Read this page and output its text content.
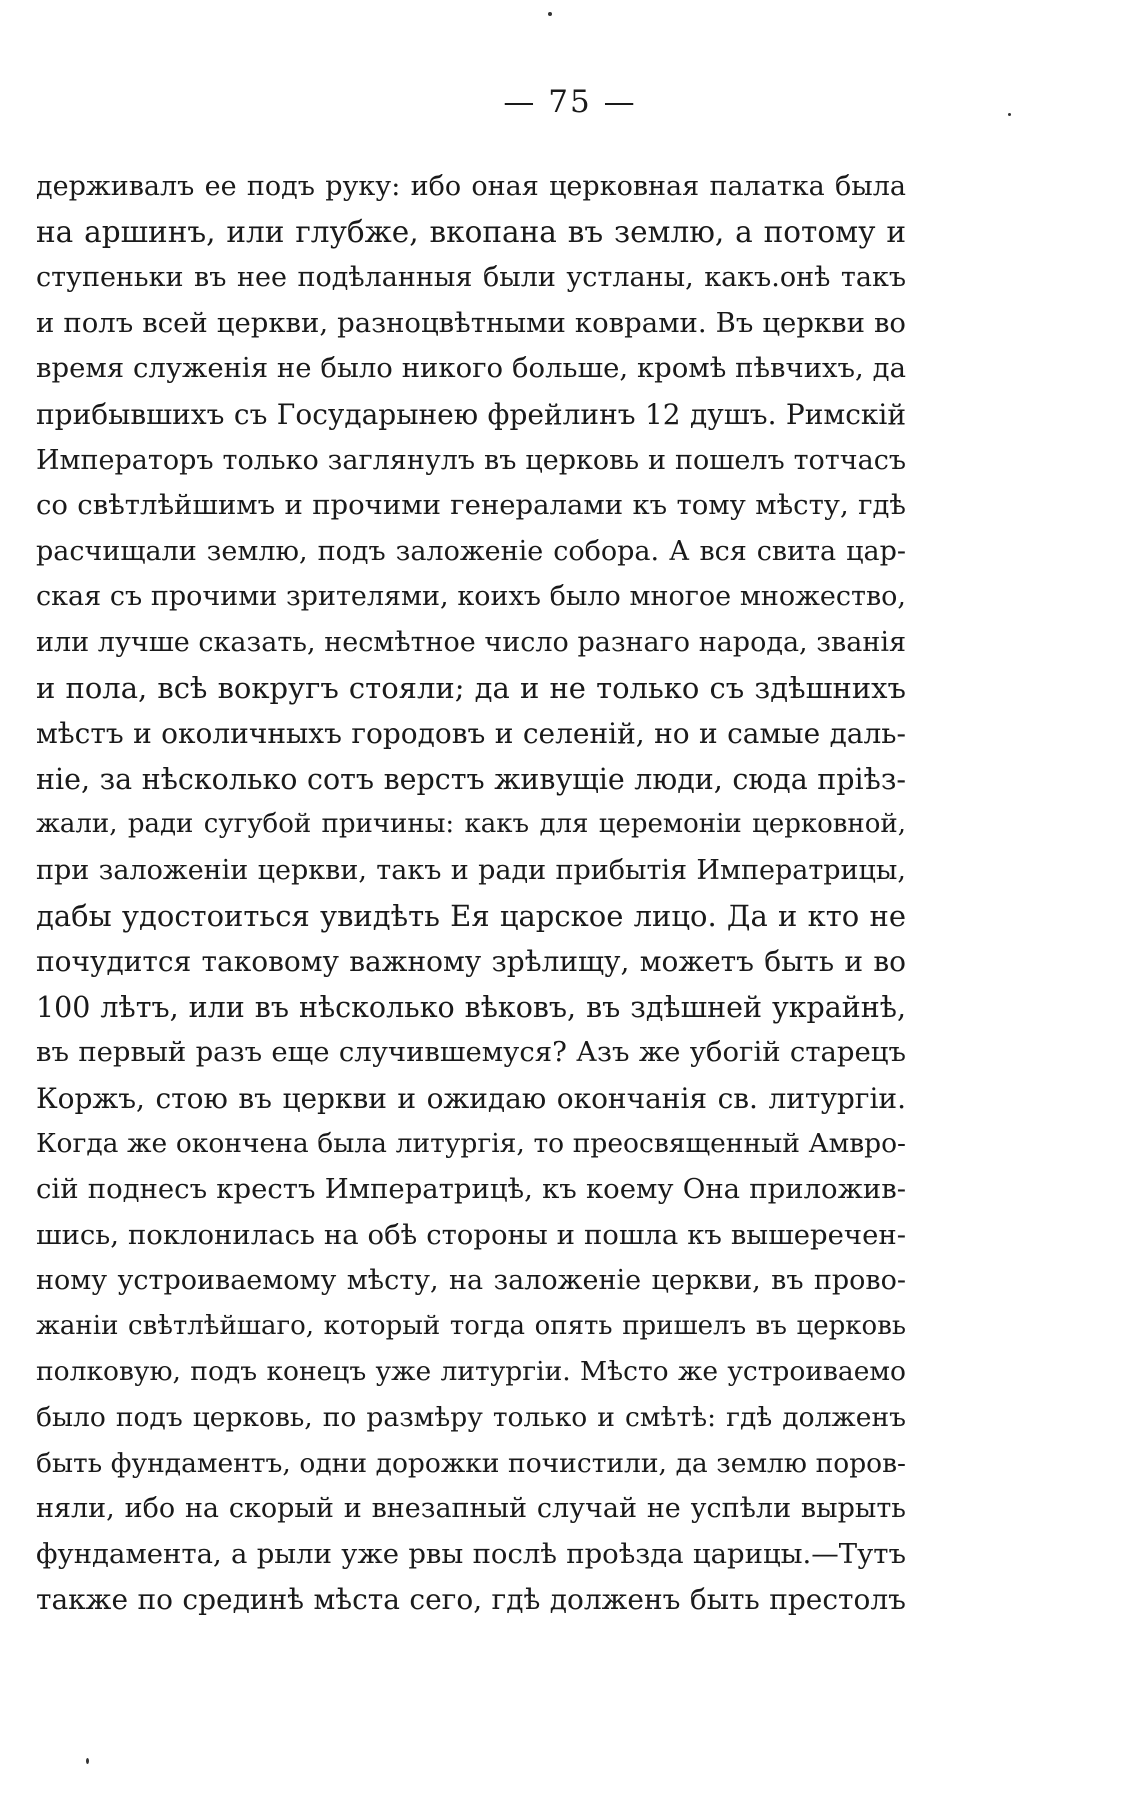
— 75 —
держивалъ ее подъ руку: ибо оная церковная палатка была
на аршинъ, или глубже, вкопана въ землю, а потому и
ступеньки въ нее подѣланныя были устланы, какъ.онѣ такъ
и полъ всей церкви, разноцвѣтными коврами. Въ церкви во
время служенія не было никого больше, кромѣ пѣвчихъ, да
прибывшихъ съ Государынею фрейлинъ 12 душъ. Римскій
Императоръ только заглянулъ въ церковь и пошелъ тотчасъ
со свѣтлѣйшимъ и прочими генералами къ тому мѣсту, гдѣ
расчищали землю, подъ заложеніе собора. А вся свита цар-
ская съ прочими зрителями, коихъ было многое множество,
или лучше сказать, несмѣтное число разнаго народа, званія
и пола, всѣ вокругъ стояли; да и не только съ здѣшнихъ
мѣстъ и околичныхъ городовъ и селеній, но и самые даль-
ніе, за нѣсколько сотъ верстъ живущіе люди, сюда пріѣз-
жали, ради сугубой причины: какъ для церемоніи церковной,
при заложеніи церкви, такъ и ради прибытія Императрицы,
дабы удостоиться увидѣть Ея царское лицо. Да и кто не
почудится таковому важному зрѣлищу, можетъ быть и во
100 лѣтъ, или въ нѣсколько вѣковъ, въ здѣшней украйнѣ,
въ первый разъ еще случившемуся? Азъ же убогій старецъ
Коржъ, стою въ церкви и ожидаю окончанія св. литургіи.
Когда же окончена была литургія, то преосвященный Амвро-
сій поднесъ крестъ Императрицѣ, къ коему Она приложив-
шись, поклонилась на обѣ стороны и пошла къ вышеречен-
ному устроиваемому мѣсту, на заложеніе церкви, въ прово-
жаніи свѣтлѣйшаго, который тогда опять пришелъ въ церковь
полковую, подъ конецъ уже литургіи. Мѣсто же устроиваемо
было подъ церковь, по размѣру только и смѣтѣ: гдѣ долженъ
быть фундаментъ, одни дорожки почистили, да землю поров-
няли, ибо на скорый и внезапный случай не успѣли вырыть
фундамента, а рыли уже рвы послѣ проѣзда царицы.—Тутъ
также по срединѣ мѣста сего, гдѣ долженъ быть престолъ
